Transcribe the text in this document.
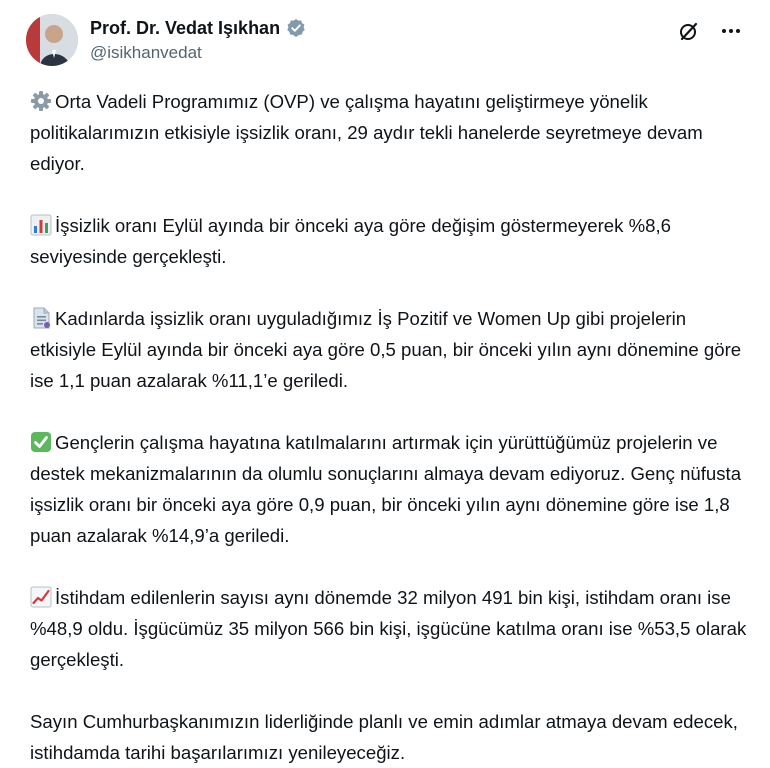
Prof. Dr. Vedat Işıkhan
@isikhanvedat

Orta Vadeli Programımız (OVP) ve çalışma hayatını geliştirmeye yönelik politikalarımızın etkisiyle işsizlik oranı, 29 aydır tekli hanelerde seyretmeye devam ediyor.

İşsizlik oranı Eylül ayında bir önceki aya göre değişim göstermeyerek %8,6 seviyesinde gerçekleşti.

Kadınlarda işsizlik oranı uyguladığımız İş Pozitif ve Women Up gibi projelerin etkisiyle Eylül ayında bir önceki aya göre 0,5 puan, bir önceki yılın aynı dönemine göre ise 1,1 puan azalarak %11,1’e geriledi.

Gençlerin çalışma hayatına katılmalarını artırmak için yürüttüğümüz projelerin ve destek mekanizmalarının da olumlu sonuçlarını almaya devam ediyoruz. Genç nüfusta işsizlik oranı bir önceki aya göre 0,9 puan, bir önceki yılın aynı dönemine göre ise 1,8 puan azalarak %14,9’a geriledi.

İstihdam edilenlerin sayısı aynı dönemde 32 milyon 491 bin kişi, istihdam oranı ise %48,9 oldu. İşgücümüz 35 milyon 566 bin kişi, işgücüne katılma oranı ise %53,5 olarak gerçekleşti.

Sayın Cumhurbaşkanımızın liderliğinde planlı ve emin adımlar atmaya devam edecek, istihdamda tarihi başarılarımızı yenileyeceğiz.
